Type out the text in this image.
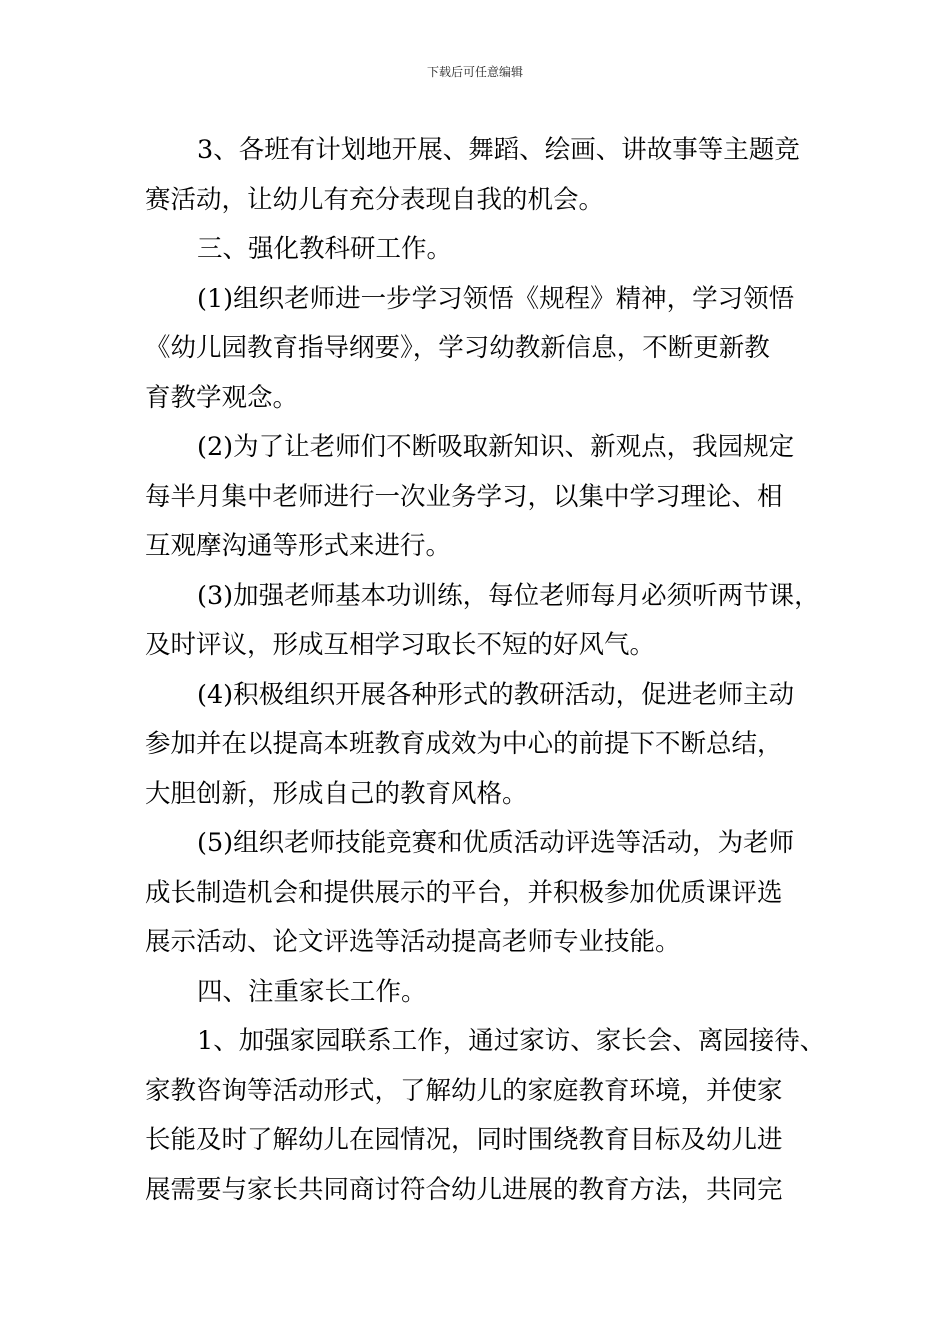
下载后可任意编辑

3、各班有计划地开展、舞蹈、绘画、讲故事等主题竞
赛活动，让幼儿有充分表现自我的机会。

三、强化教科研工作。

(1)组织老师进一步学习领悟《规程》精神，学习领悟
《幼儿园教育指导纲要》，学习幼教新信息，不断更新教
育教学观念。

(2)为了让老师们不断吸取新知识、新观点，我园规定
每半月集中老师进行一次业务学习，以集中学习理论、相
互观摩沟通等形式来进行。

(3)加强老师基本功训练，每位老师每月必须听两节课，
及时评议，形成互相学习取长不短的好风气。

(4)积极组织开展各种形式的教研活动，促进老师主动
参加并在以提高本班教育成效为中心的前提下不断总结，
大胆创新，形成自己的教育风格。

(5)组织老师技能竞赛和优质活动评选等活动，为老师
成长制造机会和提供展示的平台，并积极参加优质课评选
展示活动、论文评选等活动提高老师专业技能。

四、注重家长工作。

1、加强家园联系工作，通过家访、家长会、离园接待、
家教咨询等活动形式，了解幼儿的家庭教育环境，并使家
长能及时了解幼儿在园情况，同时围绕教育目标及幼儿进
展需要与家长共同商讨符合幼儿进展的教育方法，共同完
